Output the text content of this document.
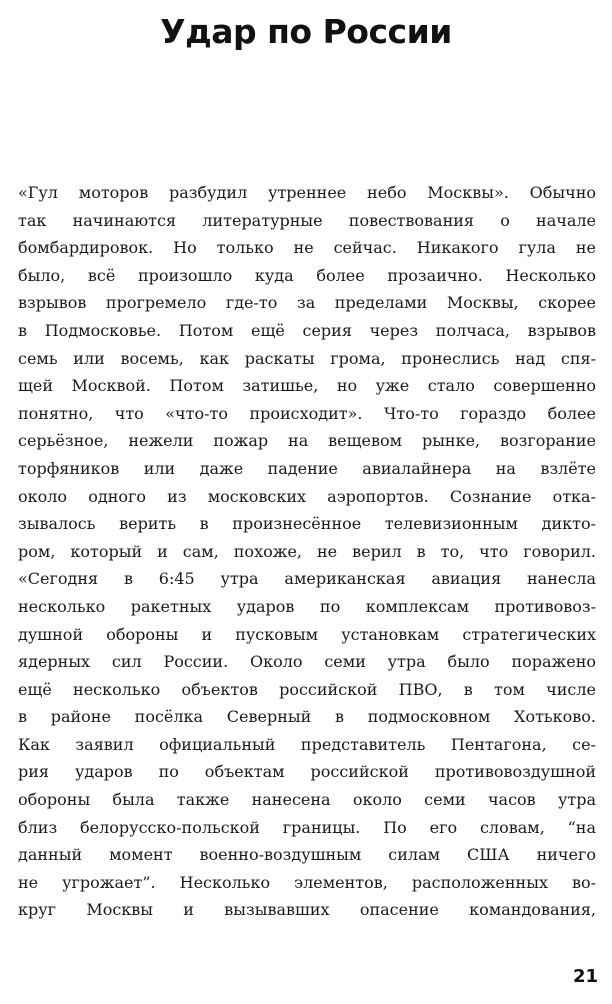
Удар по России
«Гул моторов разбудил утреннее небо Москвы». Обычно
так начинаются литературные повествования о начале
бомбардировок. Но только не сейчас. Никакого гула не
было, всё произошло куда более прозаично. Несколько
взрывов прогремело где-то за пределами Москвы, скорее
в Подмосковье. Потом ещё серия через полчаса, взрывов
семь или восемь, как раскаты грома, пронеслись над спя-
щей Москвой. Потом затишье, но уже стало совершенно
понятно, что «что-то происходит». Что-то гораздо более
серьёзное, нежели пожар на вещевом рынке, возгорание
торфяников или даже падение авиалайнера на взлёте
около одного из московских аэропортов. Сознание отка-
зывалось верить в произнесённое телевизионным дикто-
ром, который и сам, похоже, не верил в то, что говорил.
«Сегодня в 6:45 утра американская авиация нанесла
несколько ракетных ударов по комплексам противовоз-
душной обороны и пусковым установкам стратегических
ядерных сил России. Около семи утра было поражено
ещё несколько объектов российской ПВО, в том числе
в районе посёлка Северный в подмосковном Хотьково.
Как заявил официальный представитель Пентагона, се-
рия ударов по объектам российской противовоздушной
обороны была также нанесена около семи часов утра
близ белорусско-польской границы. По его словам, “на
данный момент военно-воздушным силам США ничего
не угрожает”. Несколько элементов, расположенных во-
круг Москвы и вызывавших опасение командования,
21
